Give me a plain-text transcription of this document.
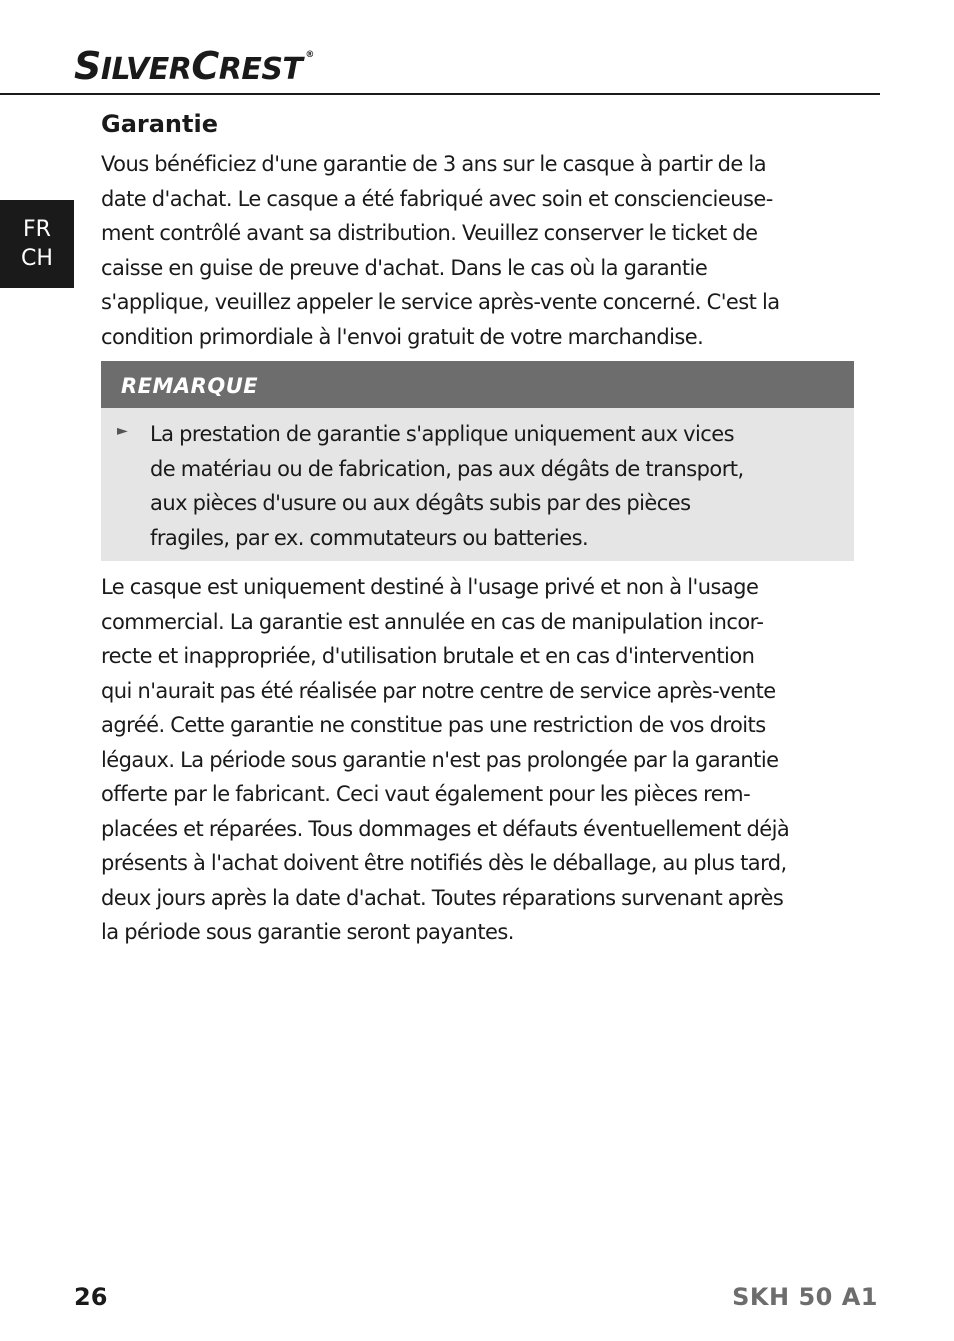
SILVERCREST ®
FR
CH
Garantie

Vous bénéficiez d'une garantie de 3 ans sur le casque à partir de la
date d'achat. Le casque a été fabriqué avec soin et consciencieuse-
ment contrôlé avant sa distribution. Veuillez conserver le ticket de
caisse en guise de preuve d'achat. Dans le cas où la garantie
s'applique, veuillez appeler le service après-vente concerné. C'est la
condition primordiale à l'envoi gratuit de votre marchandise.

REMARQUE
► La prestation de garantie s'applique uniquement aux vices
de matériau ou de fabrication, pas aux dégâts de transport,
aux pièces d'usure ou aux dégâts subis par des pièces
fragiles, par ex. commutateurs ou batteries.

Le casque est uniquement destiné à l'usage privé et non à l'usage
commercial. La garantie est annulée en cas de manipulation incor-
recte et inappropriée, d'utilisation brutale et en cas d'intervention
qui n'aurait pas été réalisée par notre centre de service après-vente
agréé. Cette garantie ne constitue pas une restriction de vos droits
légaux. La période sous garantie n'est pas prolongée par la garantie
offerte par le fabricant. Ceci vaut également pour les pièces rem-
placées et réparées. Tous dommages et défauts éventuellement déjà
présents à l'achat doivent être notifiés dès le déballage, au plus tard,
deux jours après la date d'achat. Toutes réparations survenant après
la période sous garantie seront payantes.

26	SKH 50 A1
